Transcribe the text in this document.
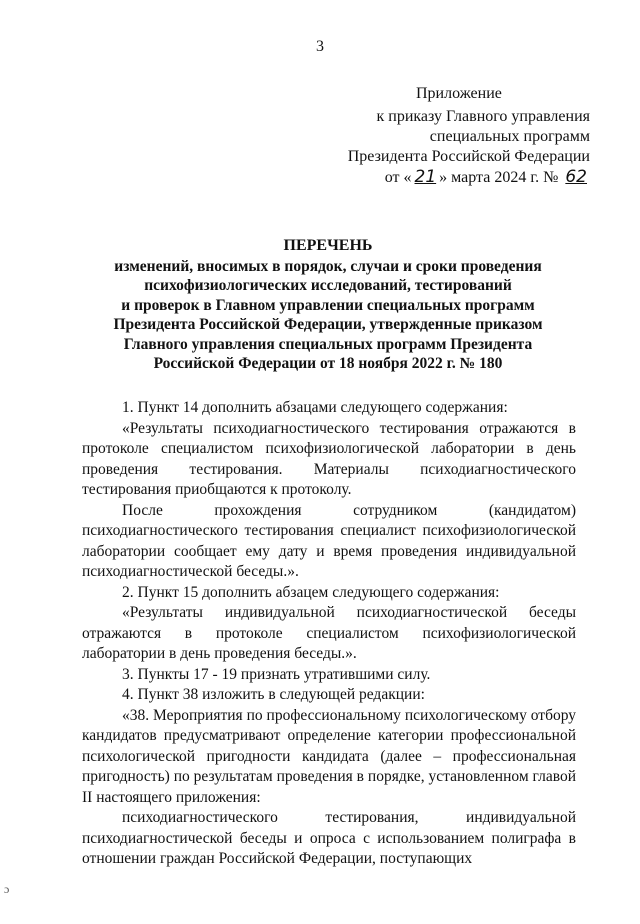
3
Приложение
к приказу Главного управления
специальных программ
Президента Российской Федерации
от « 21 » марта 2024 г. № 62
ПЕРЕЧЕНЬ
изменений, вносимых в порядок, случаи и сроки проведения
психофизиологических исследований, тестирований
и проверок в Главном управлении специальных программ
Президента Российской Федерации, утвержденные приказом
Главного управления специальных программ Президента
Российской Федерации от 18 ноября 2022 г. № 180

1. Пункт 14 дополнить абзацами следующего содержания:

«Результаты психодиагностического тестирования отражаются в протоколе специалистом психофизиологической лаборатории в день проведения тестирования. Материалы психодиагностического тестирования приобщаются к протоколу.

После прохождения сотрудником (кандидатом) психодиагностического тестирования специалист психофизиологической лаборатории сообщает ему дату и время проведения индивидуальной психодиагностической беседы.».

2. Пункт 15 дополнить абзацем следующего содержания:

«Результаты индивидуальной психодиагностической беседы отражаются в протоколе специалистом психофизиологической лаборатории в день проведения беседы.».

3. Пункты 17 - 19 признать утратившими силу.

4. Пункт 38 изложить в следующей редакции:

«38. Мероприятия по профессиональному психологическому отбору кандидатов предусматривают определение категории профессиональной психологической пригодности кандидата (далее – профессиональная пригодность) по результатам проведения в порядке, установленном главой II настоящего приложения:

психодиагностического тестирования, индивидуальной психодиагностической беседы и опроса с использованием полиграфа в отношении граждан Российской Федерации, поступающих

ɔ
